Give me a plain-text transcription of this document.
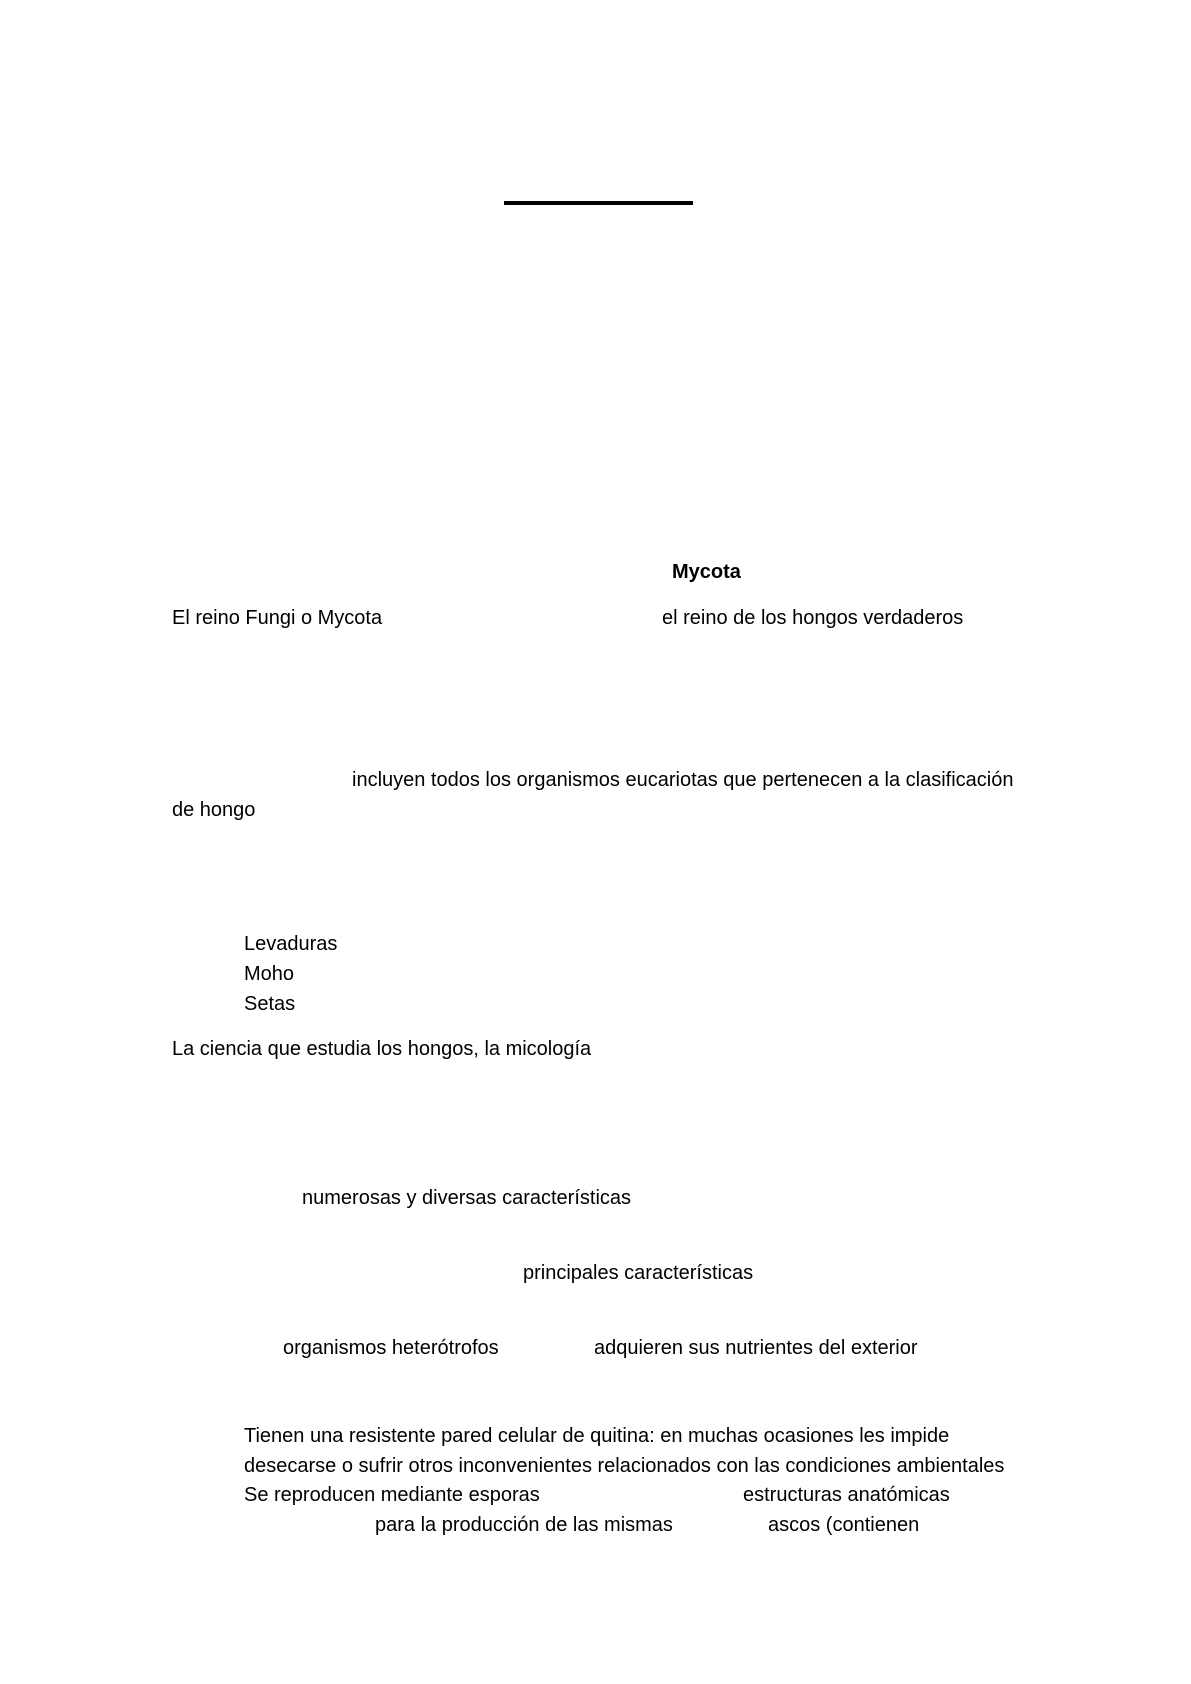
Mycota
El reino Fungi o Mycota	el reino de los hongos verdaderos
incluyen todos los organismos eucariotas que pertenecen a la clasificación
de hongo
Levaduras
Moho
Setas
La ciencia que estudia los hongos, la micología
numerosas y diversas características
principales características
organismos heterótrofos	adquieren sus nutrientes del exterior
Tienen una resistente pared celular de quitina: en muchas ocasiones les impide
desecarse o sufrir otros inconvenientes relacionados con las condiciones ambientales
Se reproducen mediante esporas	estructuras anatómicas
para la producción de las mismas	ascos (contienen
